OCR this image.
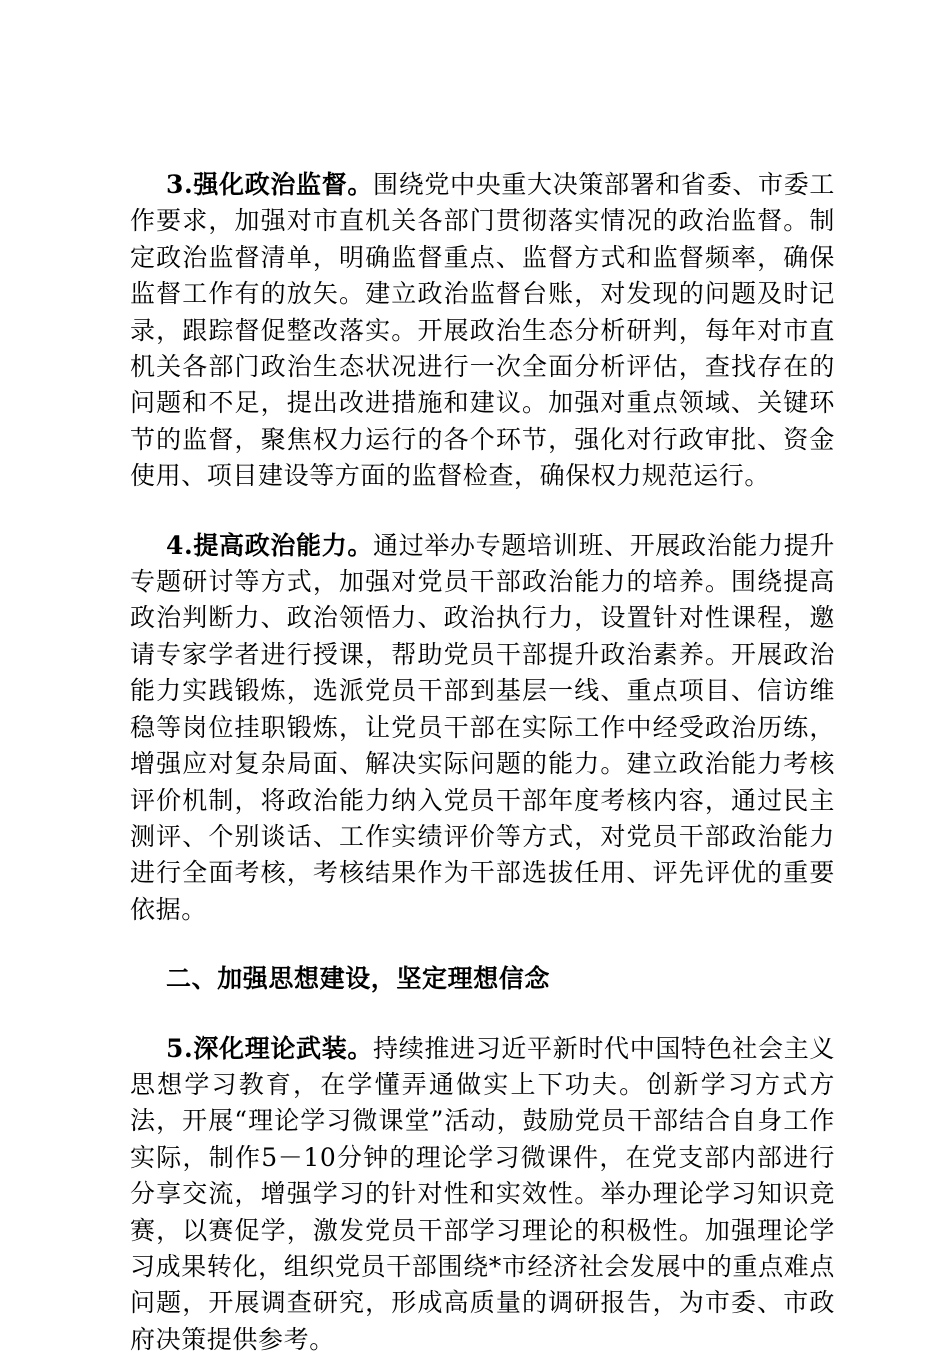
3.强化政治监督。围绕党中央重大决策部署和省委、市委工作要求，加强对市直机关各部门贯彻落实情况的政治监督。制定政治监督清单，明确监督重点、监督方式和监督频率，确保监督工作有的放矢。建立政治监督台账，对发现的问题及时记录，跟踪督促整改落实。开展政治生态分析研判，每年对市直机关各部门政治生态状况进行一次全面分析评估，查找存在的问题和不足，提出改进措施和建议。加强对重点领域、关键环节的监督，聚焦权力运行的各个环节，强化对行政审批、资金使用、项目建设等方面的监督检查，确保权力规范运行。

4.提高政治能力。通过举办专题培训班、开展政治能力提升专题研讨等方式，加强对党员干部政治能力的培养。围绕提高政治判断力、政治领悟力、政治执行力，设置针对性课程，邀请专家学者进行授课，帮助党员干部提升政治素养。开展政治能力实践锻炼，选派党员干部到基层一线、重点项目、信访维稳等岗位挂职锻炼，让党员干部在实际工作中经受政治历练，增强应对复杂局面、解决实际问题的能力。建立政治能力考核评价机制，将政治能力纳入党员干部年度考核内容，通过民主测评、个别谈话、工作实绩评价等方式，对党员干部政治能力进行全面考核，考核结果作为干部选拔任用、评先评优的重要依据。

二、加强思想建设，坚定理想信念

5.深化理论武装。持续推进习近平新时代中国特色社会主义思想学习教育，在学懂弄通做实上下功夫。创新学习方式方法，开展“理论学习微课堂”活动，鼓励党员干部结合自身工作实际，制作5－10分钟的理论学习微课件，在党支部内部进行分享交流，增强学习的针对性和实效性。举办理论学习知识竞赛，以赛促学，激发党员干部学习理论的积极性。加强理论学习成果转化，组织党员干部围绕*市经济社会发展中的重点难点问题，开展调查研究，形成高质量的调研报告，为市委、市政府决策提供参考。
